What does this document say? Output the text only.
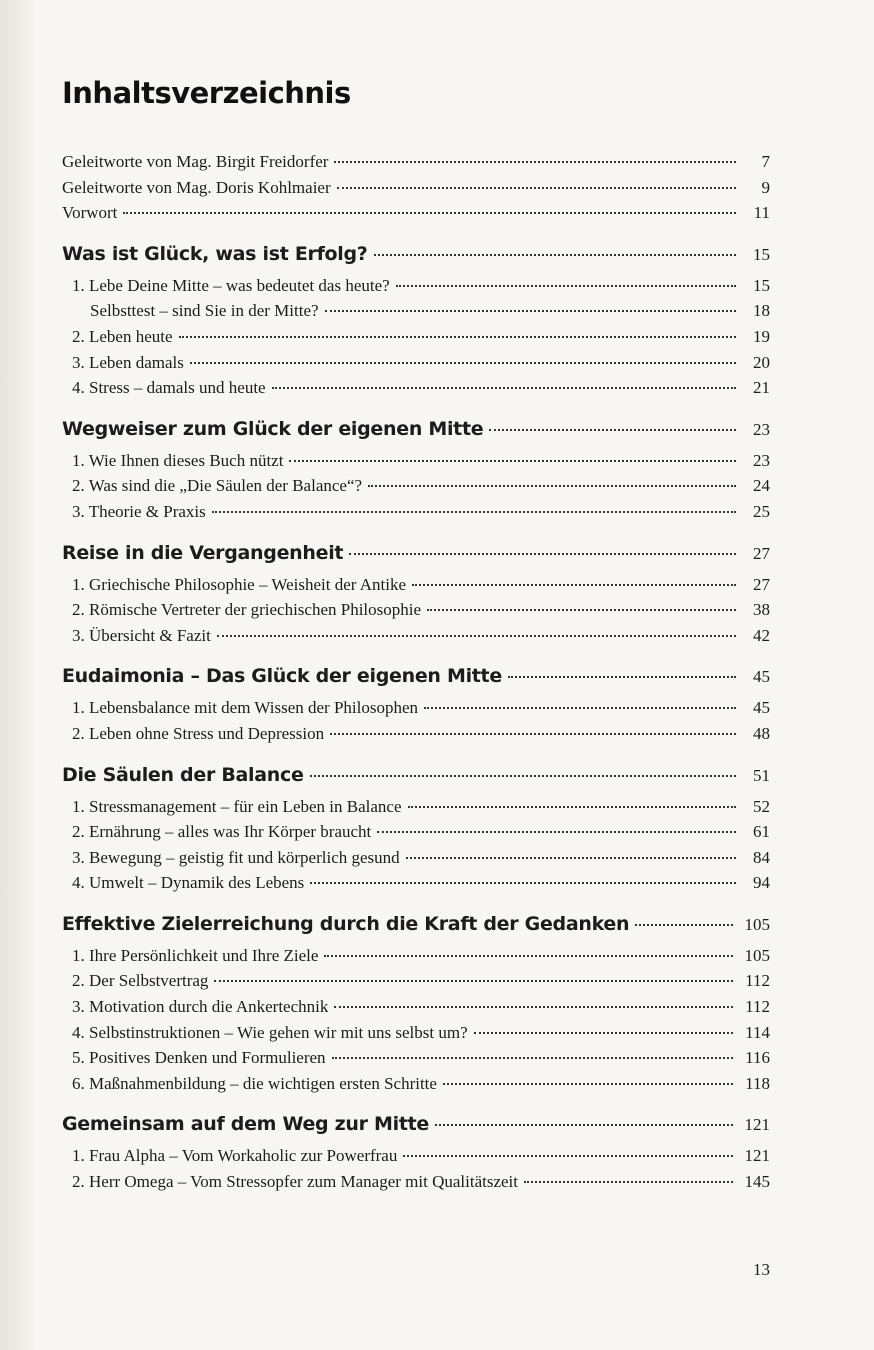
Inhaltsverzeichnis
Geleitworte von Mag. Birgit Freidorfer	7
Geleitworte von Mag. Doris Kohlmaier	9
Vorwort	11
Was ist Glück, was ist Erfolg?	15
1. Lebe Deine Mitte – was bedeutet das heute?	15
Selbsttest – sind Sie in der Mitte?	18
2. Leben heute	19
3. Leben damals	20
4. Stress – damals und heute	21
Wegweiser zum Glück der eigenen Mitte	23
1. Wie Ihnen dieses Buch nützt	23
2. Was sind die „Die Säulen der Balance“?	24
3. Theorie & Praxis	25
Reise in die Vergangenheit	27
1. Griechische Philosophie – Weisheit der Antike	27
2. Römische Vertreter der griechischen Philosophie	38
3. Übersicht & Fazit	42
Eudaimonia – Das Glück der eigenen Mitte	45
1. Lebensbalance mit dem Wissen der Philosophen	45
2. Leben ohne Stress und Depression	48
Die Säulen der Balance	51
1. Stressmanagement – für ein Leben in Balance	52
2. Ernährung – alles was Ihr Körper braucht	61
3. Bewegung – geistig fit und körperlich gesund	84
4. Umwelt – Dynamik des Lebens	94
Effektive Zielerreichung durch die Kraft der Gedanken	105
1. Ihre Persönlichkeit und Ihre Ziele	105
2. Der Selbstvertrag	112
3. Motivation durch die Ankertechnik	112
4. Selbstinstruktionen – Wie gehen wir mit uns selbst um?	114
5. Positives Denken und Formulieren	116
6. Maßnahmenbildung – die wichtigen ersten Schritte	118
Gemeinsam auf dem Weg zur Mitte	121
1. Frau Alpha – Vom Workaholic zur Powerfrau	121
2. Herr Omega – Vom Stressopfer zum Manager mit Qualitätszeit	145
13
